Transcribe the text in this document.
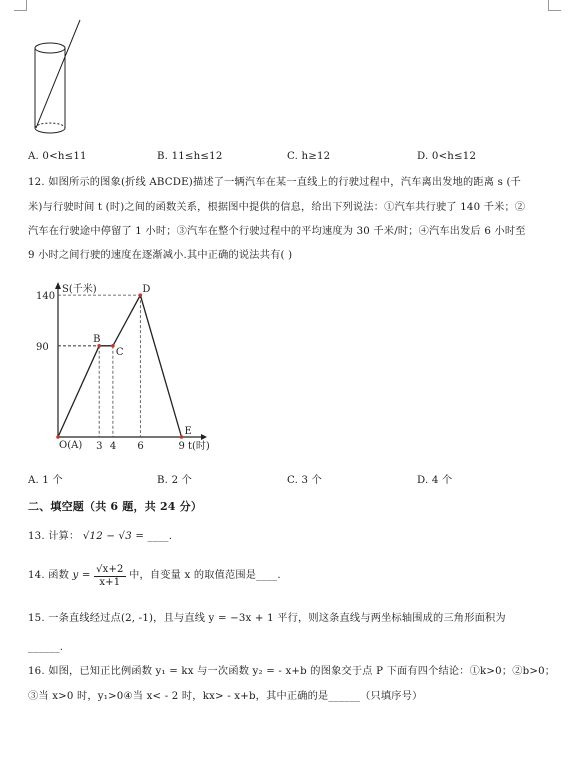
A. 0<h≤11	B. 11≤h≤12	C. h≥12	D. 0<h≤12
12. 如图所示的图象(折线 ABCDE)描述了一辆汽车在某一直线上的行驶过程中，汽车离出发地的距离 s (千
米)与行驶时间 t (时)之间的函数关系，根据图中提供的信息，给出下列说法：①汽车共行驶了 140 千米；②
汽车在行驶途中停留了 1 小时；③汽车在整个行驶过程中的平均速度为 30 千米/时；④汽车出发后 6 小时至
9 小时之间行驶的速度在逐渐减小.其中正确的说法共有( )
O(A)
B
C
D
E
3 4 6	9
90
140
S(千米)
t(时)
A. 1 个	B. 2 个	C. 3 个	D. 4 个
二、填空题（共 6 题，共 24 分）
13. 计算： √12 − √3 = ____.
14. 函数 $y = \frac{√x+2}{x+1}$ 中，自变量 x 的取值范围是____.
15. 一条直线经过点(2, -1)，且与直线 y = −3x + 1 平行，则这条直线与两坐标轴围成的三角形面积为
______.
16. 如图，已知正比例函数 y₁ = kx 与一次函数 y₂ = - x+b 的图象交于点 P 下面有四个结论：①k>0；②b>0；
③当 x>0 时，y₁>0④当 x< - 2 时，kx> - x+b，其中正确的是______（只填序号）
